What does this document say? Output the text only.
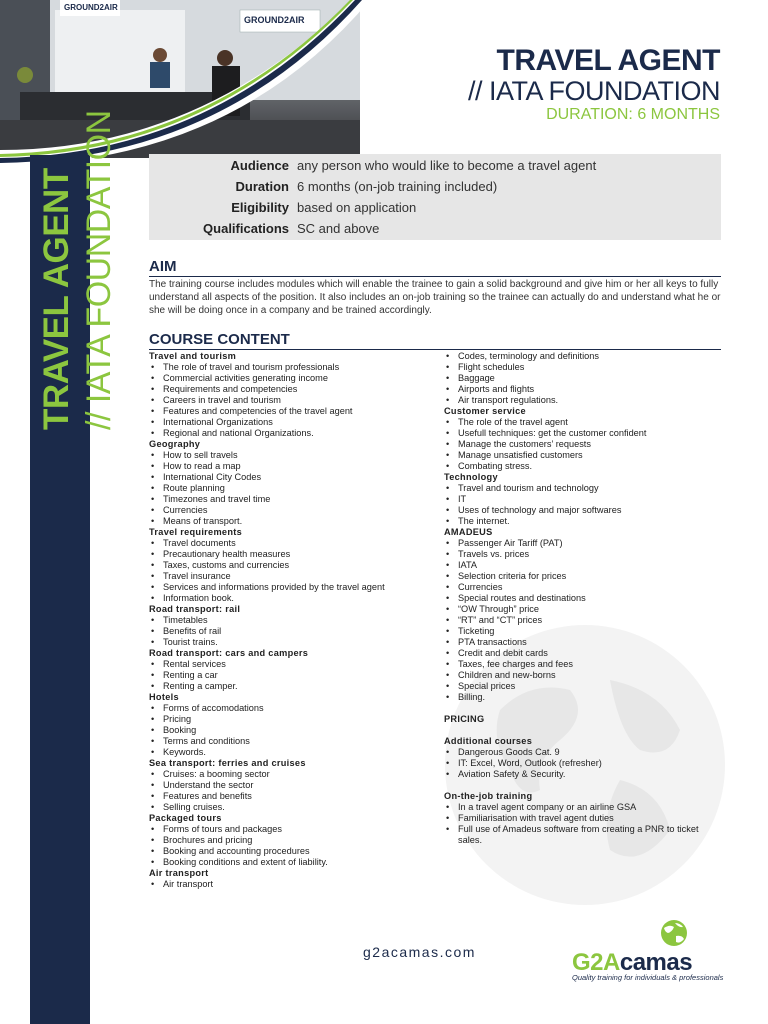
GROUND2AIR
GROUND2AIR
TRAVEL AGENT // IATA FOUNDATION
TRAVEL AGENT
// IATA FOUNDATION
DURATION: 6 MONTHS
Audience any person who would like to become a travel agent
Duration 6 months (on-job training included)
Eligibility based on application
Qualifications SC and above
AIM
The training course includes modules which will enable the trainee to gain a solid background and give him or her all keys to fully understand all aspects of the position. It also includes an on-job training so the trainee can actually do and understand what he or she will be doing once in a company and be trained accordingly.
COURSE CONTENT
Travel and tourism
• The role of travel and tourism professionals
• Commercial activities generating income
• Requirements and competencies
• Careers in travel and tourism
• Features and competencies of the travel agent
• International Organizations
• Regional and national Organizations.
Geography
• How to sell travels
• How to read a map
• International City Codes
• Route planning
• Timezones and travel time
• Currencies
• Means of transport.
Travel requirements
• Travel documents
• Precautionary health measures
• Taxes, customs and currencies
• Travel insurance
• Services and informations provided by the travel agent
• Information book.
Road transport: rail
• Timetables
• Benefits of rail
• Tourist trains.
Road transport: cars and campers
• Rental services
• Renting a car
• Renting a camper.
Hotels
• Forms of accomodations
• Pricing
• Booking
• Terms and conditions
• Keywords.
Sea transport: ferries and cruises
• Cruises: a booming sector
• Understand the sector
• Features and benefits
• Selling cruises.
Packaged tours
• Forms of tours and packages
• Brochures and pricing
• Booking and accounting procedures
• Booking conditions and extent of liability.
Air transport
• Air transport
• Codes, terminology and definitions
• Flight schedules
• Baggage
• Airports and flights
• Air transport regulations.
Customer service
• The role of the travel agent
• Usefull techniques: get the customer confident
• Manage the customers’ requests
• Manage unsatisfied customers
• Combating stress.
Technology
• Travel and tourism and technology
• IT
• Uses of technology and major softwares
• The internet.
AMADEUS
• Passenger Air Tariff (PAT)
• Travels vs. prices
• IATA
• Selection criteria for prices
• Currencies
• Special routes and destinations
• “OW Through” price
• “RT” and “CT” prices
• Ticketing
• PTA transactions
• Credit and debit cards
• Taxes, fee charges and fees
• Children and new-borns
• Special prices
• Billing.
PRICING
Additional courses
• Dangerous Goods Cat. 9
• IT: Excel, Word, Outlook (refresher)
• Aviation Safety & Security.
On-the-job training
• In a travel agent company or an airline GSA
• Familiarisation with travel agent duties
• Full use of Amadeus software from creating a PNR to ticket sales.
g2acamas.com	G2Acamas
Quality training for individuals & professionals
